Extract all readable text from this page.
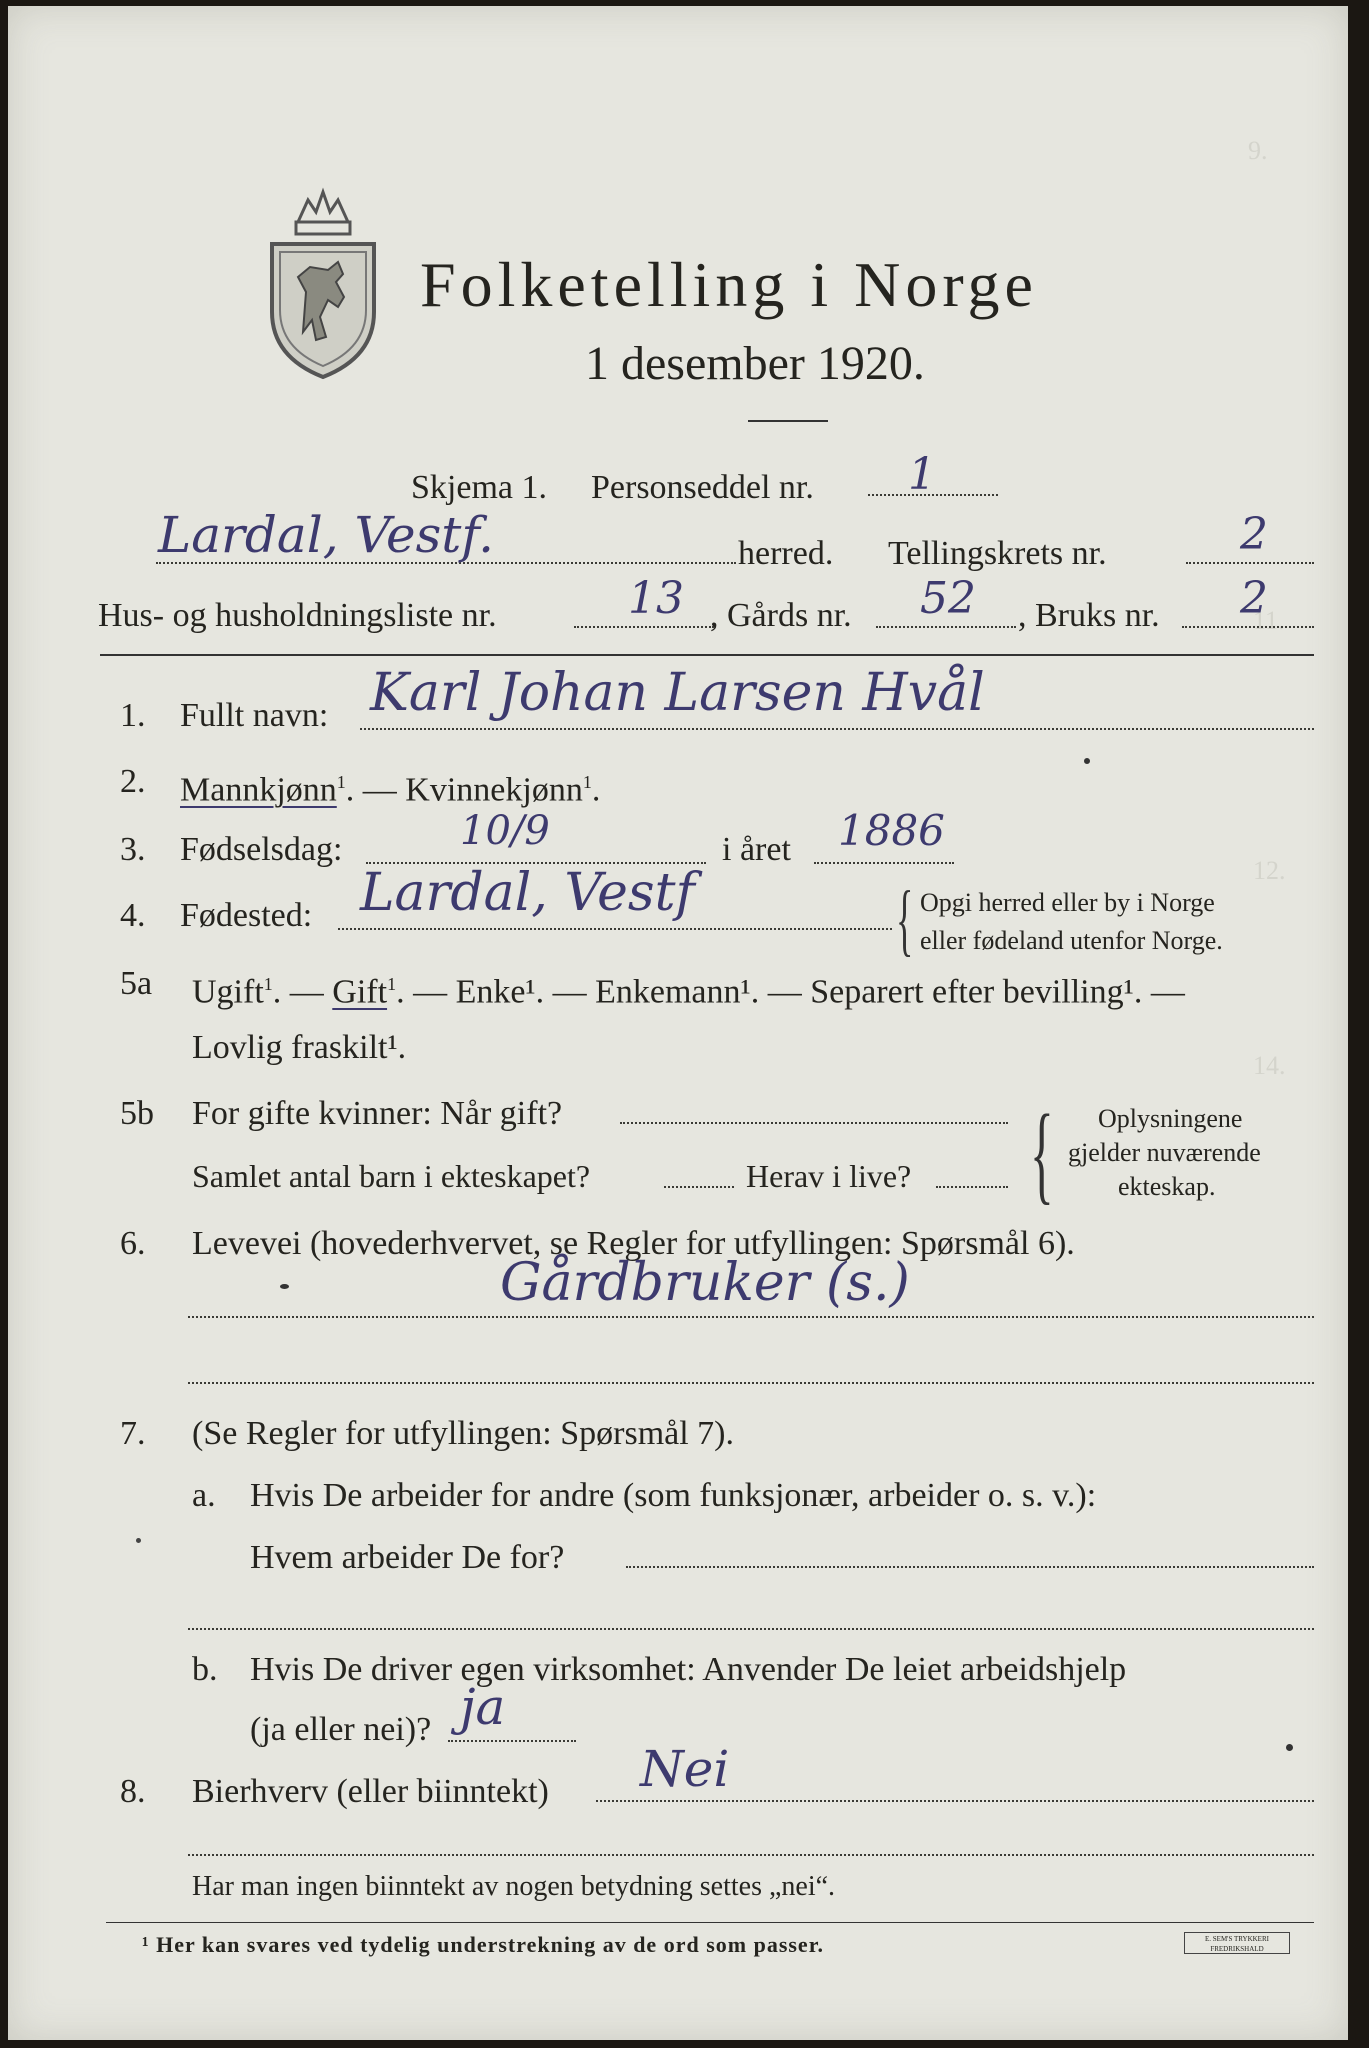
9.
11.
12.
14.
Folketelling i Norge
1 desember 1920.
Skjema 1. Personseddel nr. 1
Lardal, Vestf.	herred. Tellingskrets nr.	2
Hus- og husholdningsliste nr.	13 , Gårds nr. 52 , Bruks nr. 2
1. Fullt navn: Karl Johan Larsen Hvål
2. Mannkjønn$^1$. — Kvinnekjønn$^1$.
3. Fødselsdag:	10/9	i året 1886
4. Fødested: Lardal, Vestf	{ Opgi herred eller by i Norge
eller fødeland utenfor Norge.
5a Ugift$^1$. — Gift$^1$. — Enke¹. — Enkemann¹. — Separert efter bevilling¹. —
Lovlig fraskilt¹.
5b For gifte kvinner: Når gift?
Samlet antal barn i ekteskapet?	Herav i live? { Oplysningene
gjelder nuværende
ekteskap.
6. Levevei (hovederhvervet, se Regler for utfyllingen: Spørsmål 6).
Gårdbruker (s.)
7. (Se Regler for utfyllingen: Spørsmål 7).
a. Hvis De arbeider for andre (som funksjonær, arbeider o. s. v.):
Hvem arbeider De for?
b. Hvis De driver egen virksomhet: Anvender De leiet arbeidshjelp
(ja eller nei)? ja
8. Bierhverv (eller biinntekt) Nei
Har man ingen biinntekt av nogen betydning settes „nei“.
¹ Her kan svares ved tydelig understrekning av de ord som passer.	E. SEM'S TRYKKERI FREDRIKSHALD
